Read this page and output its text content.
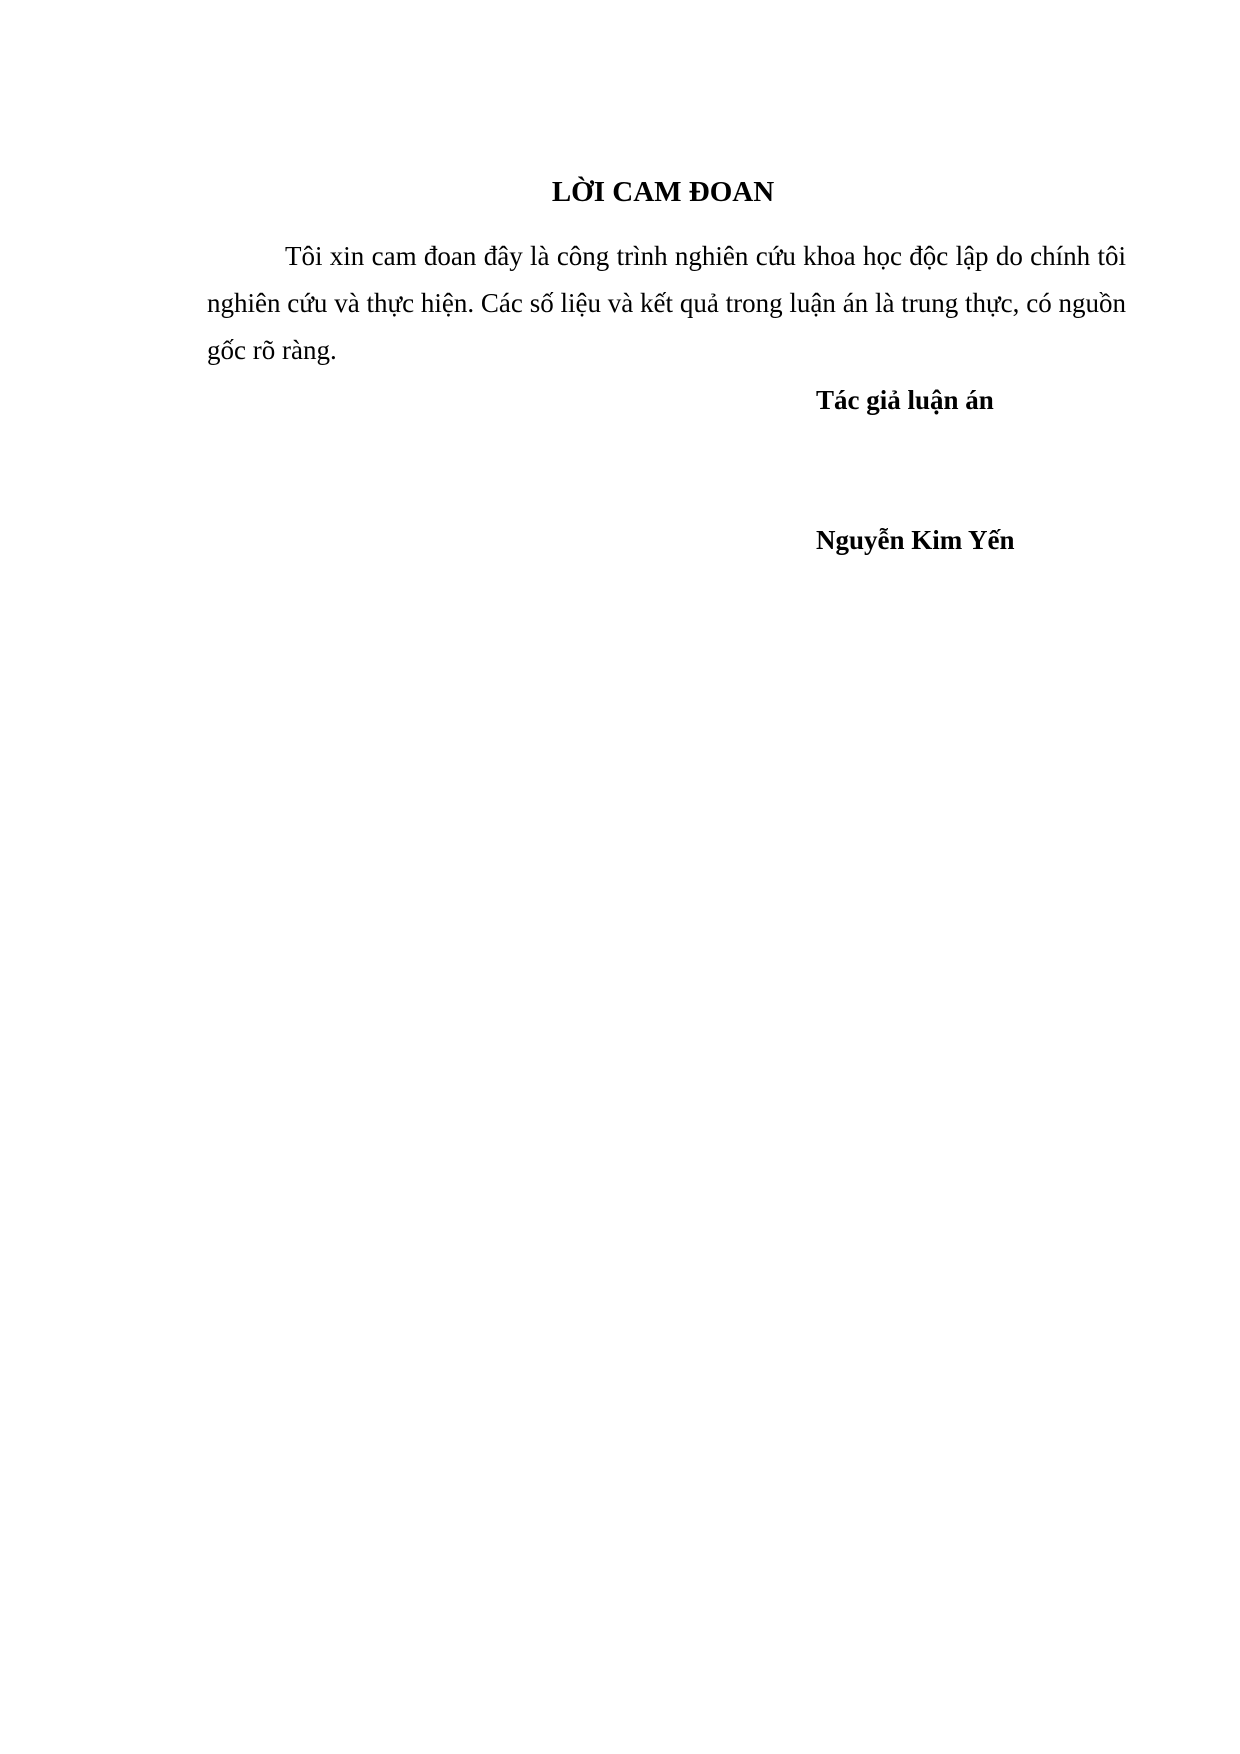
LỜI CAM ĐOAN

Tôi xin cam đoan đây là công trình nghiên cứu khoa học độc lập do chính tôi nghiên cứu và thực hiện. Các số liệu và kết quả trong luận án là trung thực, có nguồn gốc rõ ràng.

Tác giả luận án

Nguyễn Kim Yến
